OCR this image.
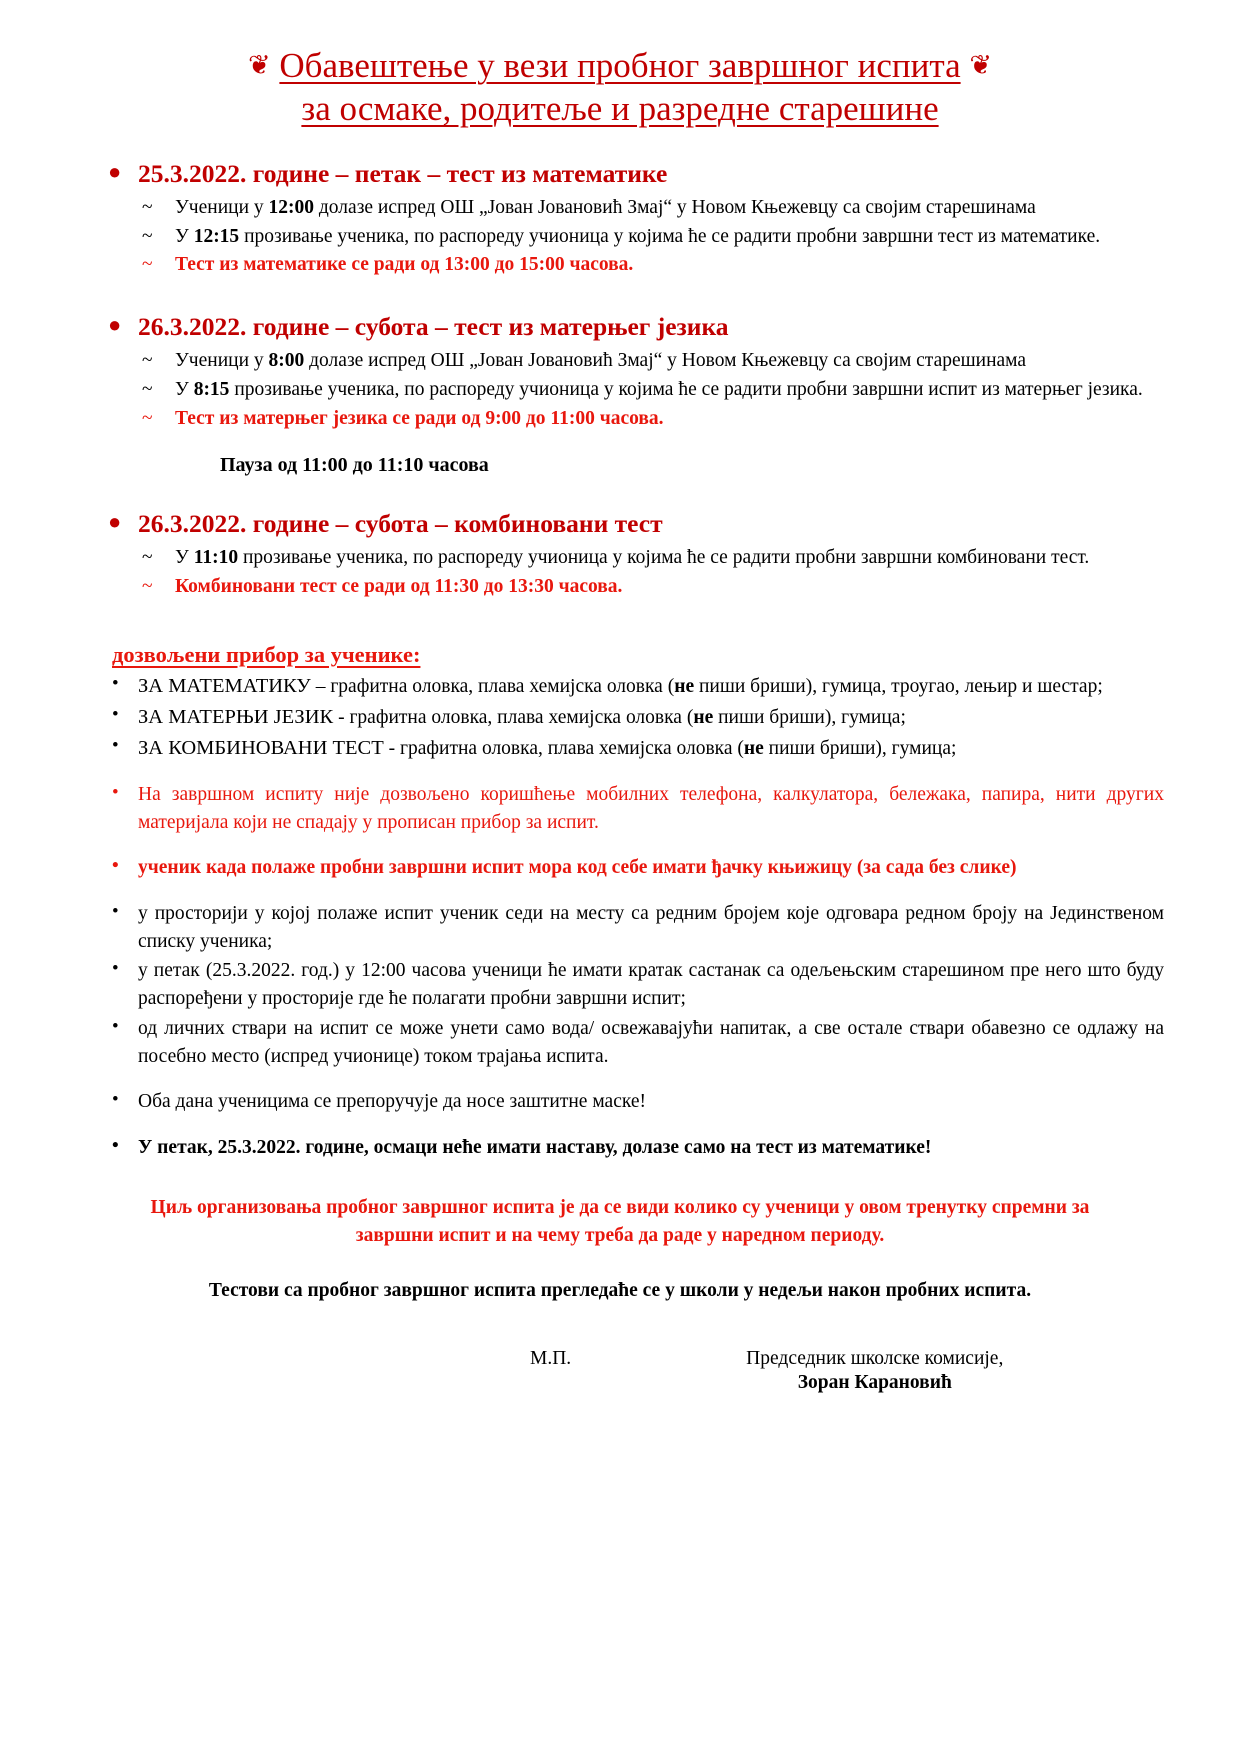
❦ Обавештење у вези пробног завршног испита ❦
за осмаке, родитеље и разредне старешине
● 25.3.2022. године – петак – тест из математике
~ Ученици у 12:00 долазе испред ОШ „Јован Јовановић Змај“ у Новом Књежевцу са својим старешинама
~ У 12:15 прозивање ученика, по распореду учионица у којима ће се радити пробни завршни тест из математике.
~ Тест из математике се ради од 13:00 до 15:00 часова.
● 26.3.2022. године – субота – тест из матерњег језика
~ Ученици у 8:00 долазе испред ОШ „Јован Јовановић Змај“ у Новом Књежевцу са својим старешинама
~ У 8:15 прозивање ученика, по распореду учионица у којима ће се радити пробни завршни испит из матерњег језика.
~ Тест из матерњег језика се ради од 9:00 до 11:00 часова.
Пауза од 11:00 до 11:10 часова
● 26.3.2022. године – субота – комбиновани тест
~ У 11:10 прозивање ученика, по распореду учионица у којима ће се радити пробни завршни комбиновани тест.
~ Комбиновани тест се ради од 11:30 до 13:30 часова.
дозвољени прибор за ученике:
• ЗА МАТЕМАТИКУ – графитна оловка, плава хемијска оловка (не пиши бриши), гумица, троугао, лењир и шестар;
• ЗА МАТЕРЊИ ЈЕЗИК - графитна оловка, плава хемијска оловка (не пиши бриши), гумица;
• ЗА КОМБИНОВАНИ ТЕСТ - графитна оловка, плава хемијска оловка (не пиши бриши), гумица;
• На завршном испиту није дозвољено коришћење мобилних телефона, калкулатора, бележака, папира, нити других материјала који не спадају у прописан прибор за испит.
• ученик када полаже пробни завршни испит мора код себе имати ђачку књижицу (за сада без слике)
• у просторији у којој полаже испит ученик седи на месту са редним бројем које одговара редном броју на Јединственом списку ученика;
• у петак (25.3.2022. год.) у 12:00 часова ученици ће имати кратак састанак са одељењским старешином пре него што буду распоређени у просторије где ће полагати пробни завршни испит;
• од личних ствари на испит се може унети само вода/ освежавајући напитак, а све остале ствари обавезно се одлажу на посебно место (испред учионице) током трајања испита.
• Оба дана ученицима се препоручује да носе заштитне маске!
• У петак, 25.3.2022. године, осмаци неће имати наставу, долазе само на тест из математике!

Циљ организовања пробног завршног испита је да се види колико су ученици у овом тренутку спремни за завршни испит и на чему треба да раде у наредном периоду.

Тестови са пробног завршног испита прегледаће се у школи у недељи након пробних испита.

М.П.	Председник школске комисије,
Зоран Карановић
